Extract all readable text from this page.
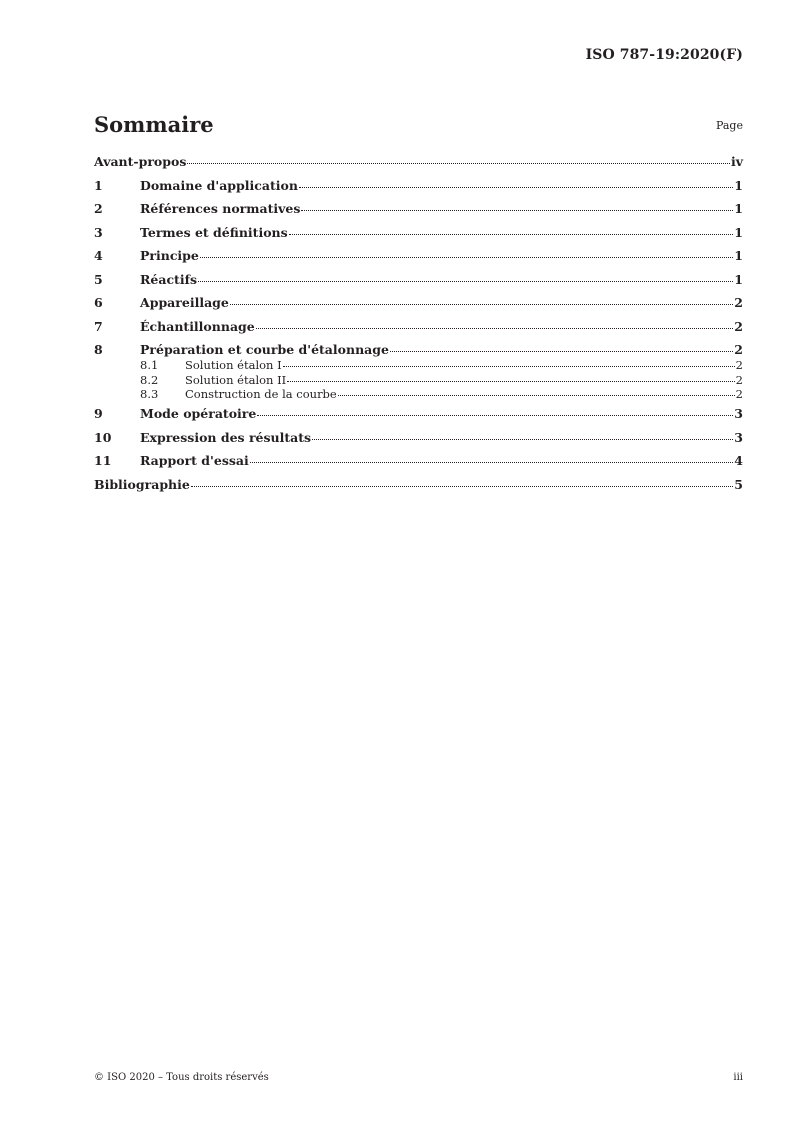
ISO 787-19:2020(F)
Sommaire	Page
Avant-propos	iv
1	Domaine d'application	1
2	Références normatives	1
3	Termes et définitions	1
4	Principe	1
5	Réactifs	1
6	Appareillage	2
7	Échantillonnage	2
8	Préparation et courbe d'étalonnage	2
8.1	Solution étalon I	2
8.2	Solution étalon II	2
8.3	Construction de la courbe	2
9	Mode opératoire	3
10	Expression des résultats	3
11	Rapport d'essai	4
Bibliographie	5
© ISO 2020 – Tous droits réservés	iii
